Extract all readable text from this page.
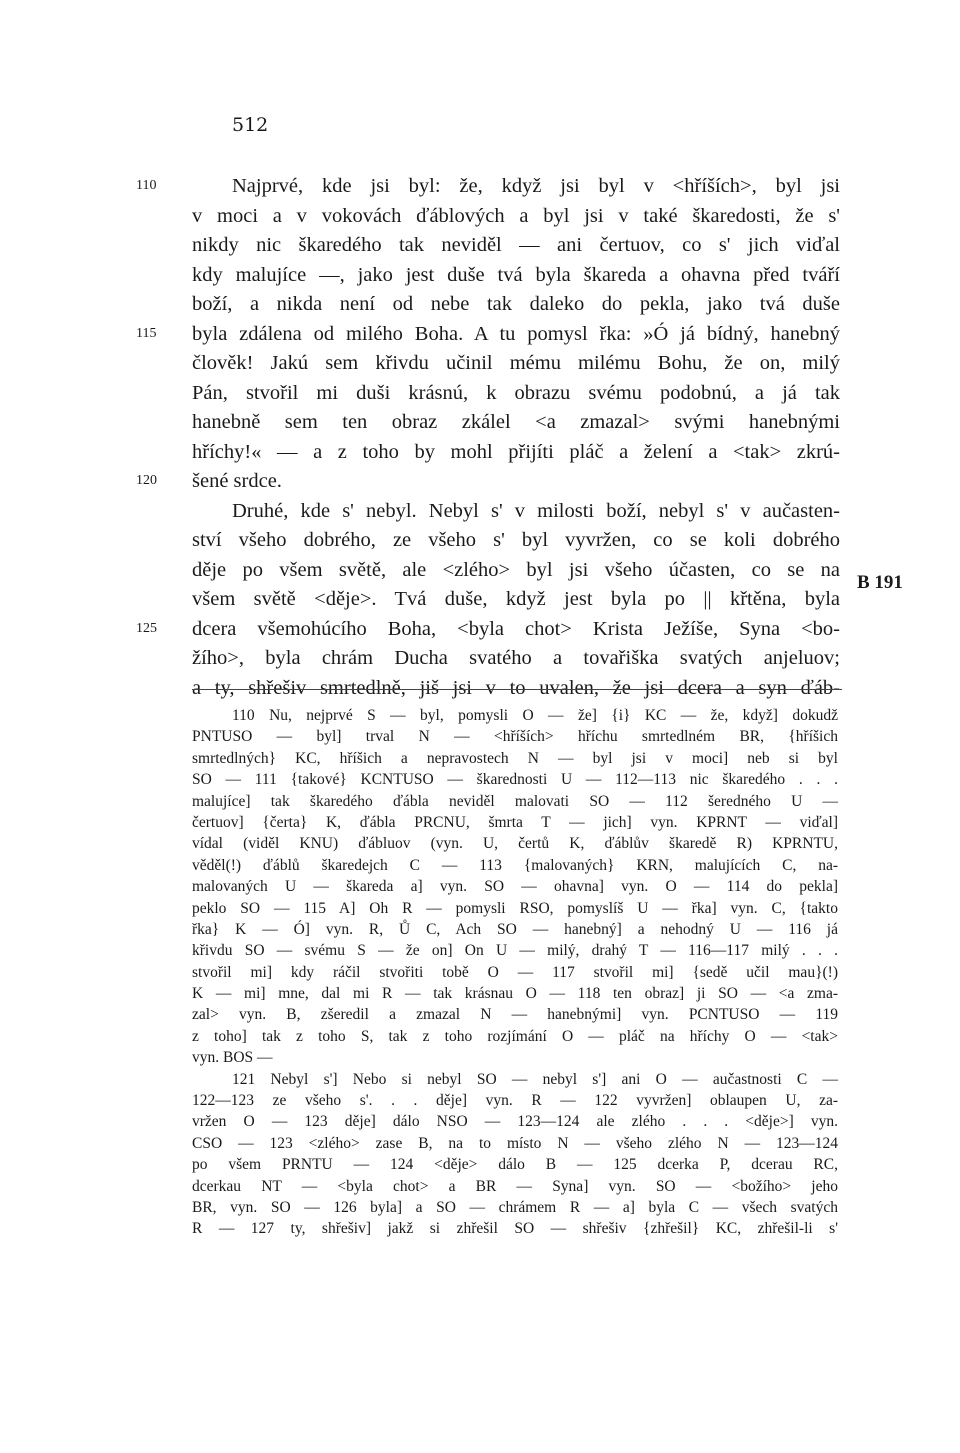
512
110	Najprvé, kde jsi byl: že, když jsi byl v <hříších>, byl jsi
v moci a v vokovách ďáblových a byl jsi v také škaredosti, že s'
nikdy nic škaredého tak neviděl — ani čertuov, co s' jich viďal
kdy malujíce —, jako jest duše tvá byla škareda a ohavna před tváří
boží, a nikda není od nebe tak daleko do pekla, jako tvá duše
115 byla zdálena od milého Boha. A tu pomysl řka: »Ó já bídný, hanebný
člověk! Jakú sem křivdu učinil mému milému Bohu, že on, milý
Pán, stvořil mi duši krásnú, k obrazu svému podobnú, a já tak
hanebně sem ten obraz zkálel <a zmazal> svými hanebnými
hříchy!« — a z toho by mohl přijíti pláč a želení a <tak> zkrú-
120 šené srdce.
Druhé, kde s' nebyl. Nebyl s' v milosti boží, nebyl s' v aučasten-
ství všeho dobrého, ze všeho s' byl vyvržen, co se koli dobrého
děje po všem světě, ale <zlého> byl jsi všeho účasten, co se na
všem světě <děje>. Tvá duše, když jest byla po || křtěna, byla
125 dcera všemohúcího Boha, <byla chot> Krista Ježíše, Syna <bo-
žího>, byla chrám Ducha svatého a tovařiška svatých anjeluov;
a ty, shřešiv smrtedlně, jiš jsi v to uvalen, že jsi dcera a syn ďáb-
B 191
110 Nu, nejprvé S — byl, pomysli O — že] {i} KC — že, když] dokudž
PNTUSO — byl] trval N — <hříších> hříchu smrtedlném BR, {hříšich
smrtedlných} KC, hříšich a nepravostech N — byl jsi v moci] neb si byl
SO — 111 {takové} KCNTUSO — škarednosti U — 112—113 nic škaredého . . .
malujíce] tak škaredého ďábla neviděl malovati SO — 112 šeredného U —
čertuov] {čerta} K, ďábla PRCNU, šmrta T — jich] vyn. KPRNT — viďal]
vídal (viděl KNU) ďábluov (vyn. U, čertů K, ďáblův škaredě R) KPRNTU,
věděl(!) ďáblů škaredejch C — 113 {malovaných} KRN, malujících C, na-
malovaných U — škareda a] vyn. SO — ohavna] vyn. O — 114 do pekla]
peklo SO — 115 A] Oh R — pomysli RSO, pomyslíš U — řka] vyn. C, {takto
řka} K — Ó] vyn. R, Ů C, Ach SO — hanebný] a nehodný U — 116 já
křivdu SO — svému S — že on] On U — milý, drahý T — 116—117 milý . . .
stvořil mi] kdy ráčil stvořiti tobě O — 117 stvořil mi] {sedě učil mau}(!)
K — mi] mne, dal mi R — tak krásnau O — 118 ten obraz] ji SO — <a zma-
zal> vyn. B, zšeredil a zmazal N — hanebnými] vyn. PCNTUSO — 119
z toho] tak z toho S, tak z toho rozjímání O — pláč na hříchy O — <tak>
vyn. BOS —
121 Nebyl s'] Nebo si nebyl SO — nebyl s'] ani O — aučastnosti C —
122—123 ze všeho s'. . . děje] vyn. R — 122 vyvržen] oblaupen U, za-
vržen O — 123 děje] dálo NSO — 123—124 ale zlého . . . <děje>] vyn.
CSO — 123 <zlého> zase B, na to místo N — všeho zlého N — 123—124
po všem PRNTU — 124 <děje> dálo B — 125 dcerka P, dcerau RC,
dcerkau NT — <byla chot> a BR — Syna] vyn. SO — <božího> jeho
BR, vyn. SO — 126 byla] a SO — chrámem R — a] byla C — všech svatých
R — 127 ty, shřešiv] jakž si zhřešil SO — shřešiv {zhřešil} KC, zhřešil-li s'
